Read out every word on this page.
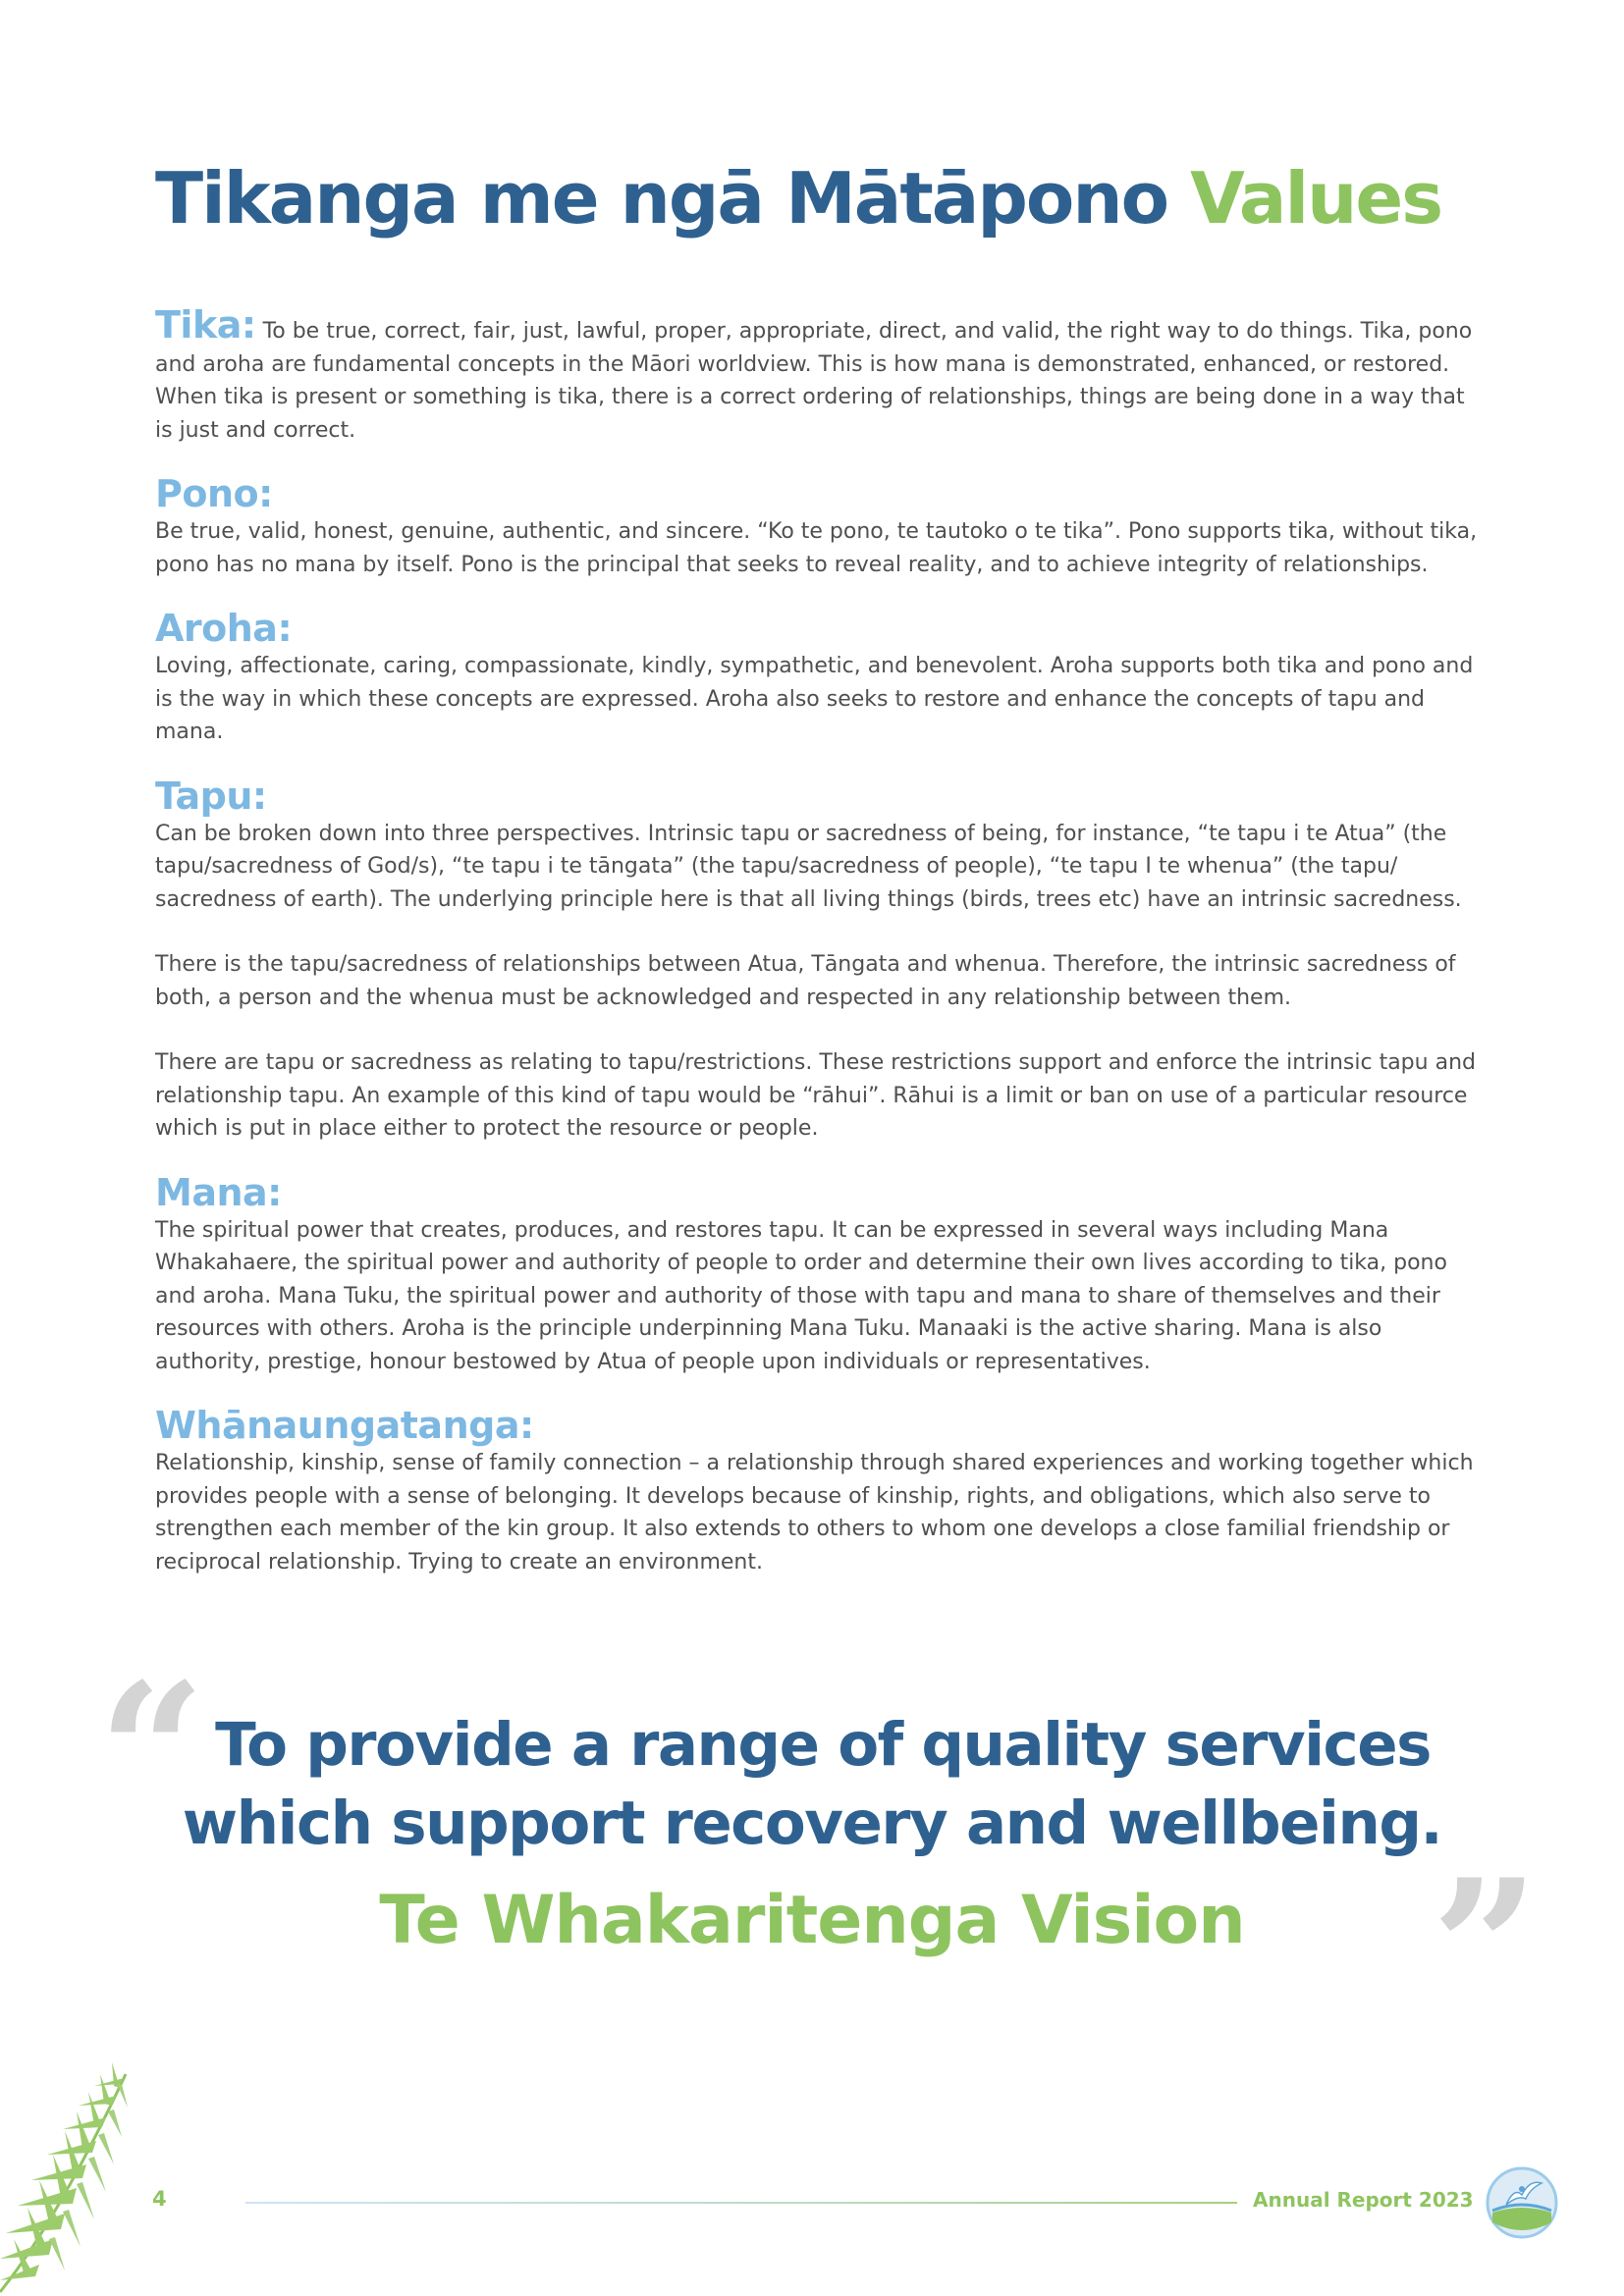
Tikanga me ngā Mātāpono Values

Tika: To be true, correct, fair, just, lawful, proper, appropriate, direct, and valid, the right way to do things. Tika, pono and aroha are fundamental concepts in the Māori worldview. This is how mana is demonstrated, enhanced, or restored. When tika is present or something is tika, there is a correct ordering of relationships, things are being done in a way that is just and correct.

Pono:

Be true, valid, honest, genuine, authentic, and sincere. “Ko te pono, te tautoko o te tika”. Pono supports tika, without tika, pono has no mana by itself. Pono is the principal that seeks to reveal reality, and to achieve integrity of relationships.

Aroha:

Loving, affectionate, caring, compassionate, kindly, sympathetic, and benevolent. Aroha supports both tika and pono and is the way in which these concepts are expressed. Aroha also seeks to restore and enhance the concepts of tapu and mana.

Tapu:

Can be broken down into three perspectives. Intrinsic tapu or sacredness of being, for instance, “te tapu i te Atua” (the tapu/sacredness of God/s), “te tapu i te tāngata” (the tapu/sacredness of people), “te tapu I te whenua” (the tapu/ sacredness of earth). The underlying principle here is that all living things (birds, trees etc) have an intrinsic sacredness.

There is the tapu/sacredness of relationships between Atua, Tāngata and whenua. Therefore, the intrinsic sacredness of both, a person and the whenua must be acknowledged and respected in any relationship between them.

There are tapu or sacredness as relating to tapu/restrictions. These restrictions support and enforce the intrinsic tapu and relationship tapu. An example of this kind of tapu would be “rāhui”. Rāhui is a limit or ban on use of a particular resource which is put in place either to protect the resource or people.

Mana:

The spiritual power that creates, produces, and restores tapu. It can be expressed in several ways including Mana Whakahaere, the spiritual power and authority of people to order and determine their own lives according to tika, pono and aroha. Mana Tuku, the spiritual power and authority of those with tapu and mana to share of themselves and their resources with others. Aroha is the principle underpinning Mana Tuku. Manaaki is the active sharing. Mana is also authority, prestige, honour bestowed by Atua of people upon individuals or representatives.

Whānaungatanga:

Relationship, kinship, sense of family connection – a relationship through shared experiences and working together which provides people with a sense of belonging. It develops because of kinship, rights, and obligations, which also serve to strengthen each member of the kin group. It also extends to others to whom one develops a close familial friendship or reciprocal relationship. Trying to create an environment.

“ To provide a range of quality services
which support recovery and wellbeing.
Te Whakaritenga Vision	”
4	Annual Report 2023
